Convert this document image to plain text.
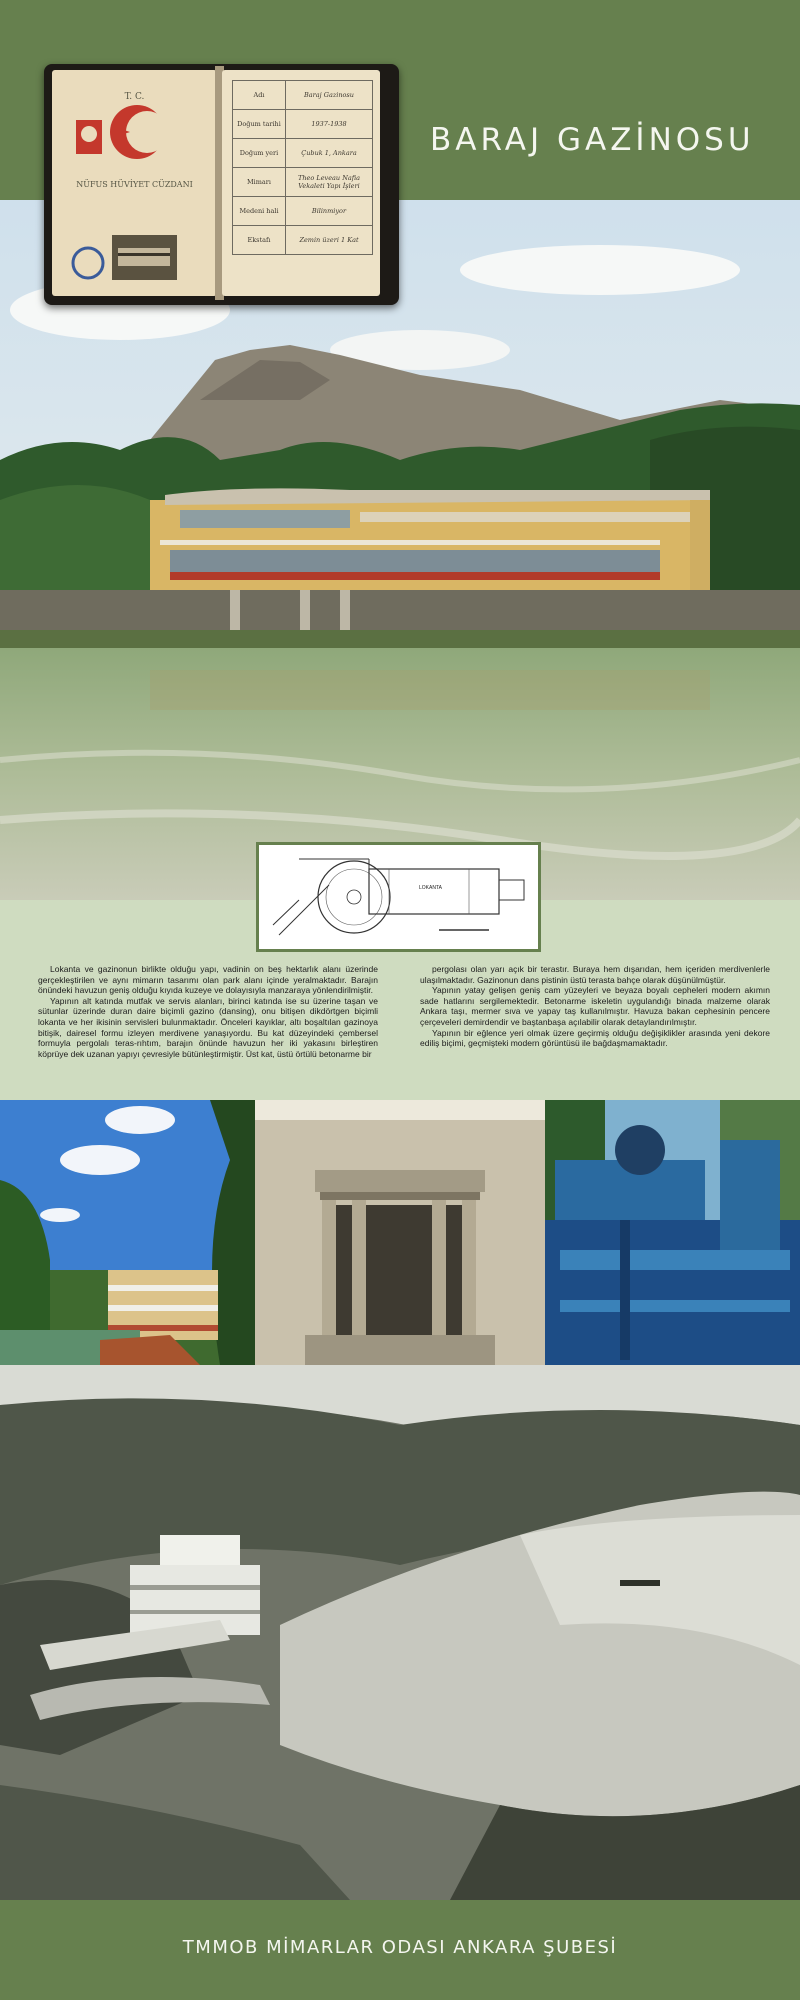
BARAJ GAZİNOSU
T. C.
NÜFUS HÜVİYET CÜZDANI
Adı	Baraj Gazinosu
Doğum tarihi	1937-1938
Doğum yeri	Çubuk 1, Ankara
Mimarı	Theo Leveau Nafia Vekaleti Yapı İşleri
Medeni hali	Bilinmiyor
Ekstafı	Zemin üzeri 1 Kat
LOKANTA

Lokanta ve gazinonun birlikte olduğu yapı, vadinin on beş hektarlık alanı üzerinde gerçekleştirilen ve aynı mimarın tasarımı olan park alanı içinde yeralmaktadır. Barajın önündeki havuzun geniş olduğu kıyıda kuzeye ve dolayısıyla manzaraya yönlendirilmiştir.

Yapının alt katında mutfak ve servis alanları, birinci katında ise su üzerine taşan ve sütunlar üzerinde duran daire biçimli gazino (dansing), onu bitişen dikdörtgen biçimli lokanta ve her ikisinin servisleri bulunmaktadır. Önceleri kayıklar, altı boşaltılan gazinoya bitişik, dairesel formu izleyen merdivene yanaşıyordu. Bu kat düzeyindeki çembersel formuyla pergolalı teras-rıhtım, barajın önünde havuzun her iki yakasını birleştiren köprüye dek uzanan yapıyı çevresiyle bütünleştirmiştir. Üst kat, üstü örtülü betonarme bir

pergolası olan yarı açık bir terastır. Buraya hem dışarıdan, hem içeriden merdivenlerle ulaşılmaktadır. Gazinonun dans pistinin üstü terasta bahçe olarak düşünülmüştür.

Yapının yatay gelişen geniş cam yüzeyleri ve beyaza boyalı cepheleri modern akımın sade hatlarını sergilemektedir. Betonarme iskeletin uygulandığı binada malzeme olarak Ankara taşı, mermer sıva ve yapay taş kullanılmıştır. Havuza bakan cephesinin pencere çerçeveleri demirdendir ve baştanbaşa açılabilir olarak detaylandırılmıştır.

Yapının bir eğlence yeri olmak üzere geçirmiş olduğu değişiklikler arasında yeni dekore ediliş biçimi, geçmişteki modern görüntüsü ile bağdaşmamaktadır.

TMMOB MİMARLAR ODASI ANKARA ŞUBESİ
